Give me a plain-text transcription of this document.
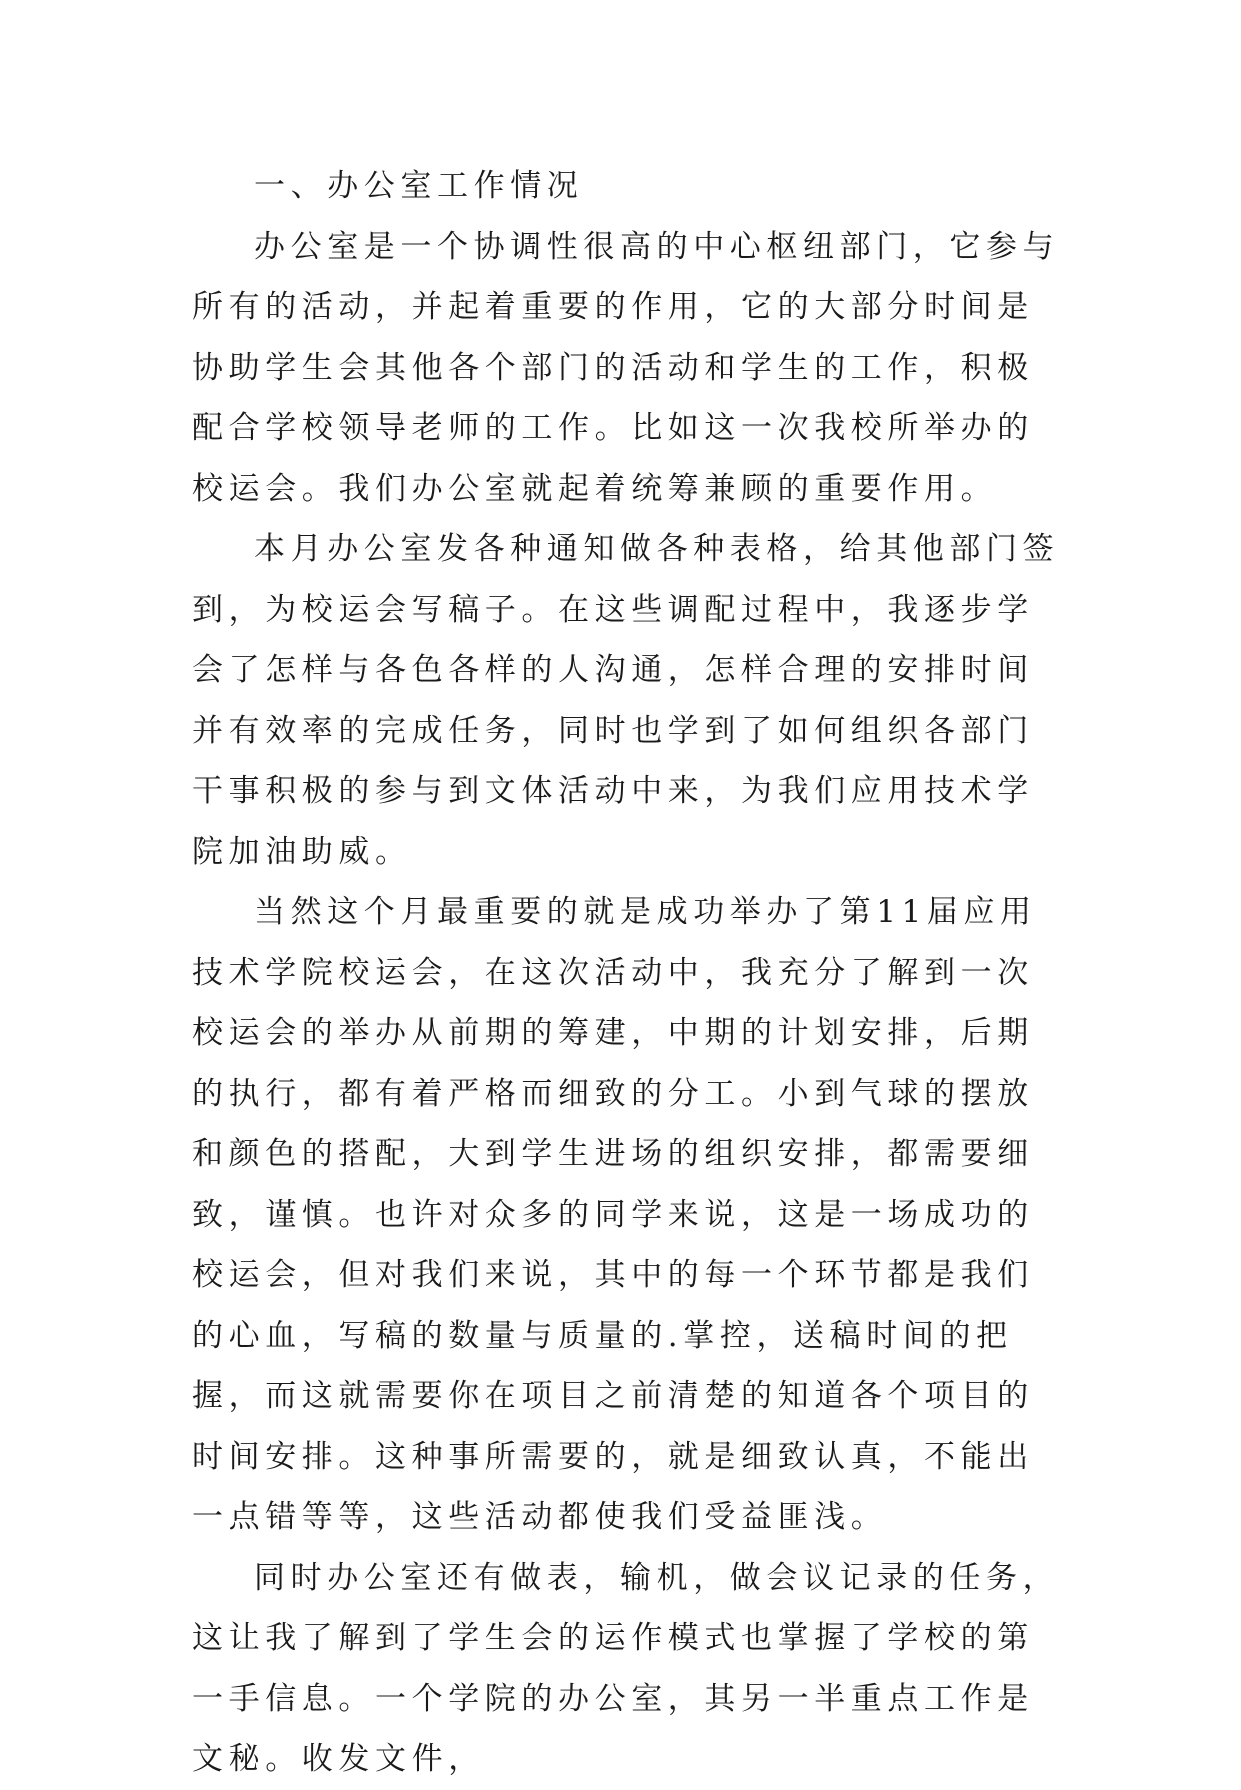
一、办公室工作情况

办公室是一个协调性很高的中心枢纽部门，它参与所有的活动，并起着重要的作用，它的大部分时间是协助学生会其他各个部门的活动和学生的工作，积极配合学校领导老师的工作。比如这一次我校所举办的校运会。我们办公室就起着统筹兼顾的重要作用。

本月办公室发各种通知做各种表格，给其他部门签到，为校运会写稿子。在这些调配过程中，我逐步学会了怎样与各色各样的人沟通，怎样合理的安排时间并有效率的完成任务，同时也学到了如何组织各部门干事积极的参与到文体活动中来，为我们应用技术学院加油助威。

当然这个月最重要的就是成功举办了第11届应用技术学院校运会，在这次活动中，我充分了解到一次校运会的举办从前期的筹建，中期的计划安排，后期的执行，都有着严格而细致的分工。小到气球的摆放和颜色的搭配，大到学生进场的组织安排，都需要细致，谨慎。也许对众多的同学来说，这是一场成功的校运会，但对我们来说，其中的每一个环节都是我们的心血，写稿的数量与质量的.掌控，送稿时间的把握，而这就需要你在项目之前清楚的知道各个项目的时间安排。这种事所需要的，就是细致认真，不能出一点错等等，这些活动都使我们受益匪浅。

同时办公室还有做表，输机，做会议记录的任务，这让我了解到了学生会的运作模式也掌握了学校的第一手信息。一个学院的办公室，其另一半重点工作是文秘。收发文件，
